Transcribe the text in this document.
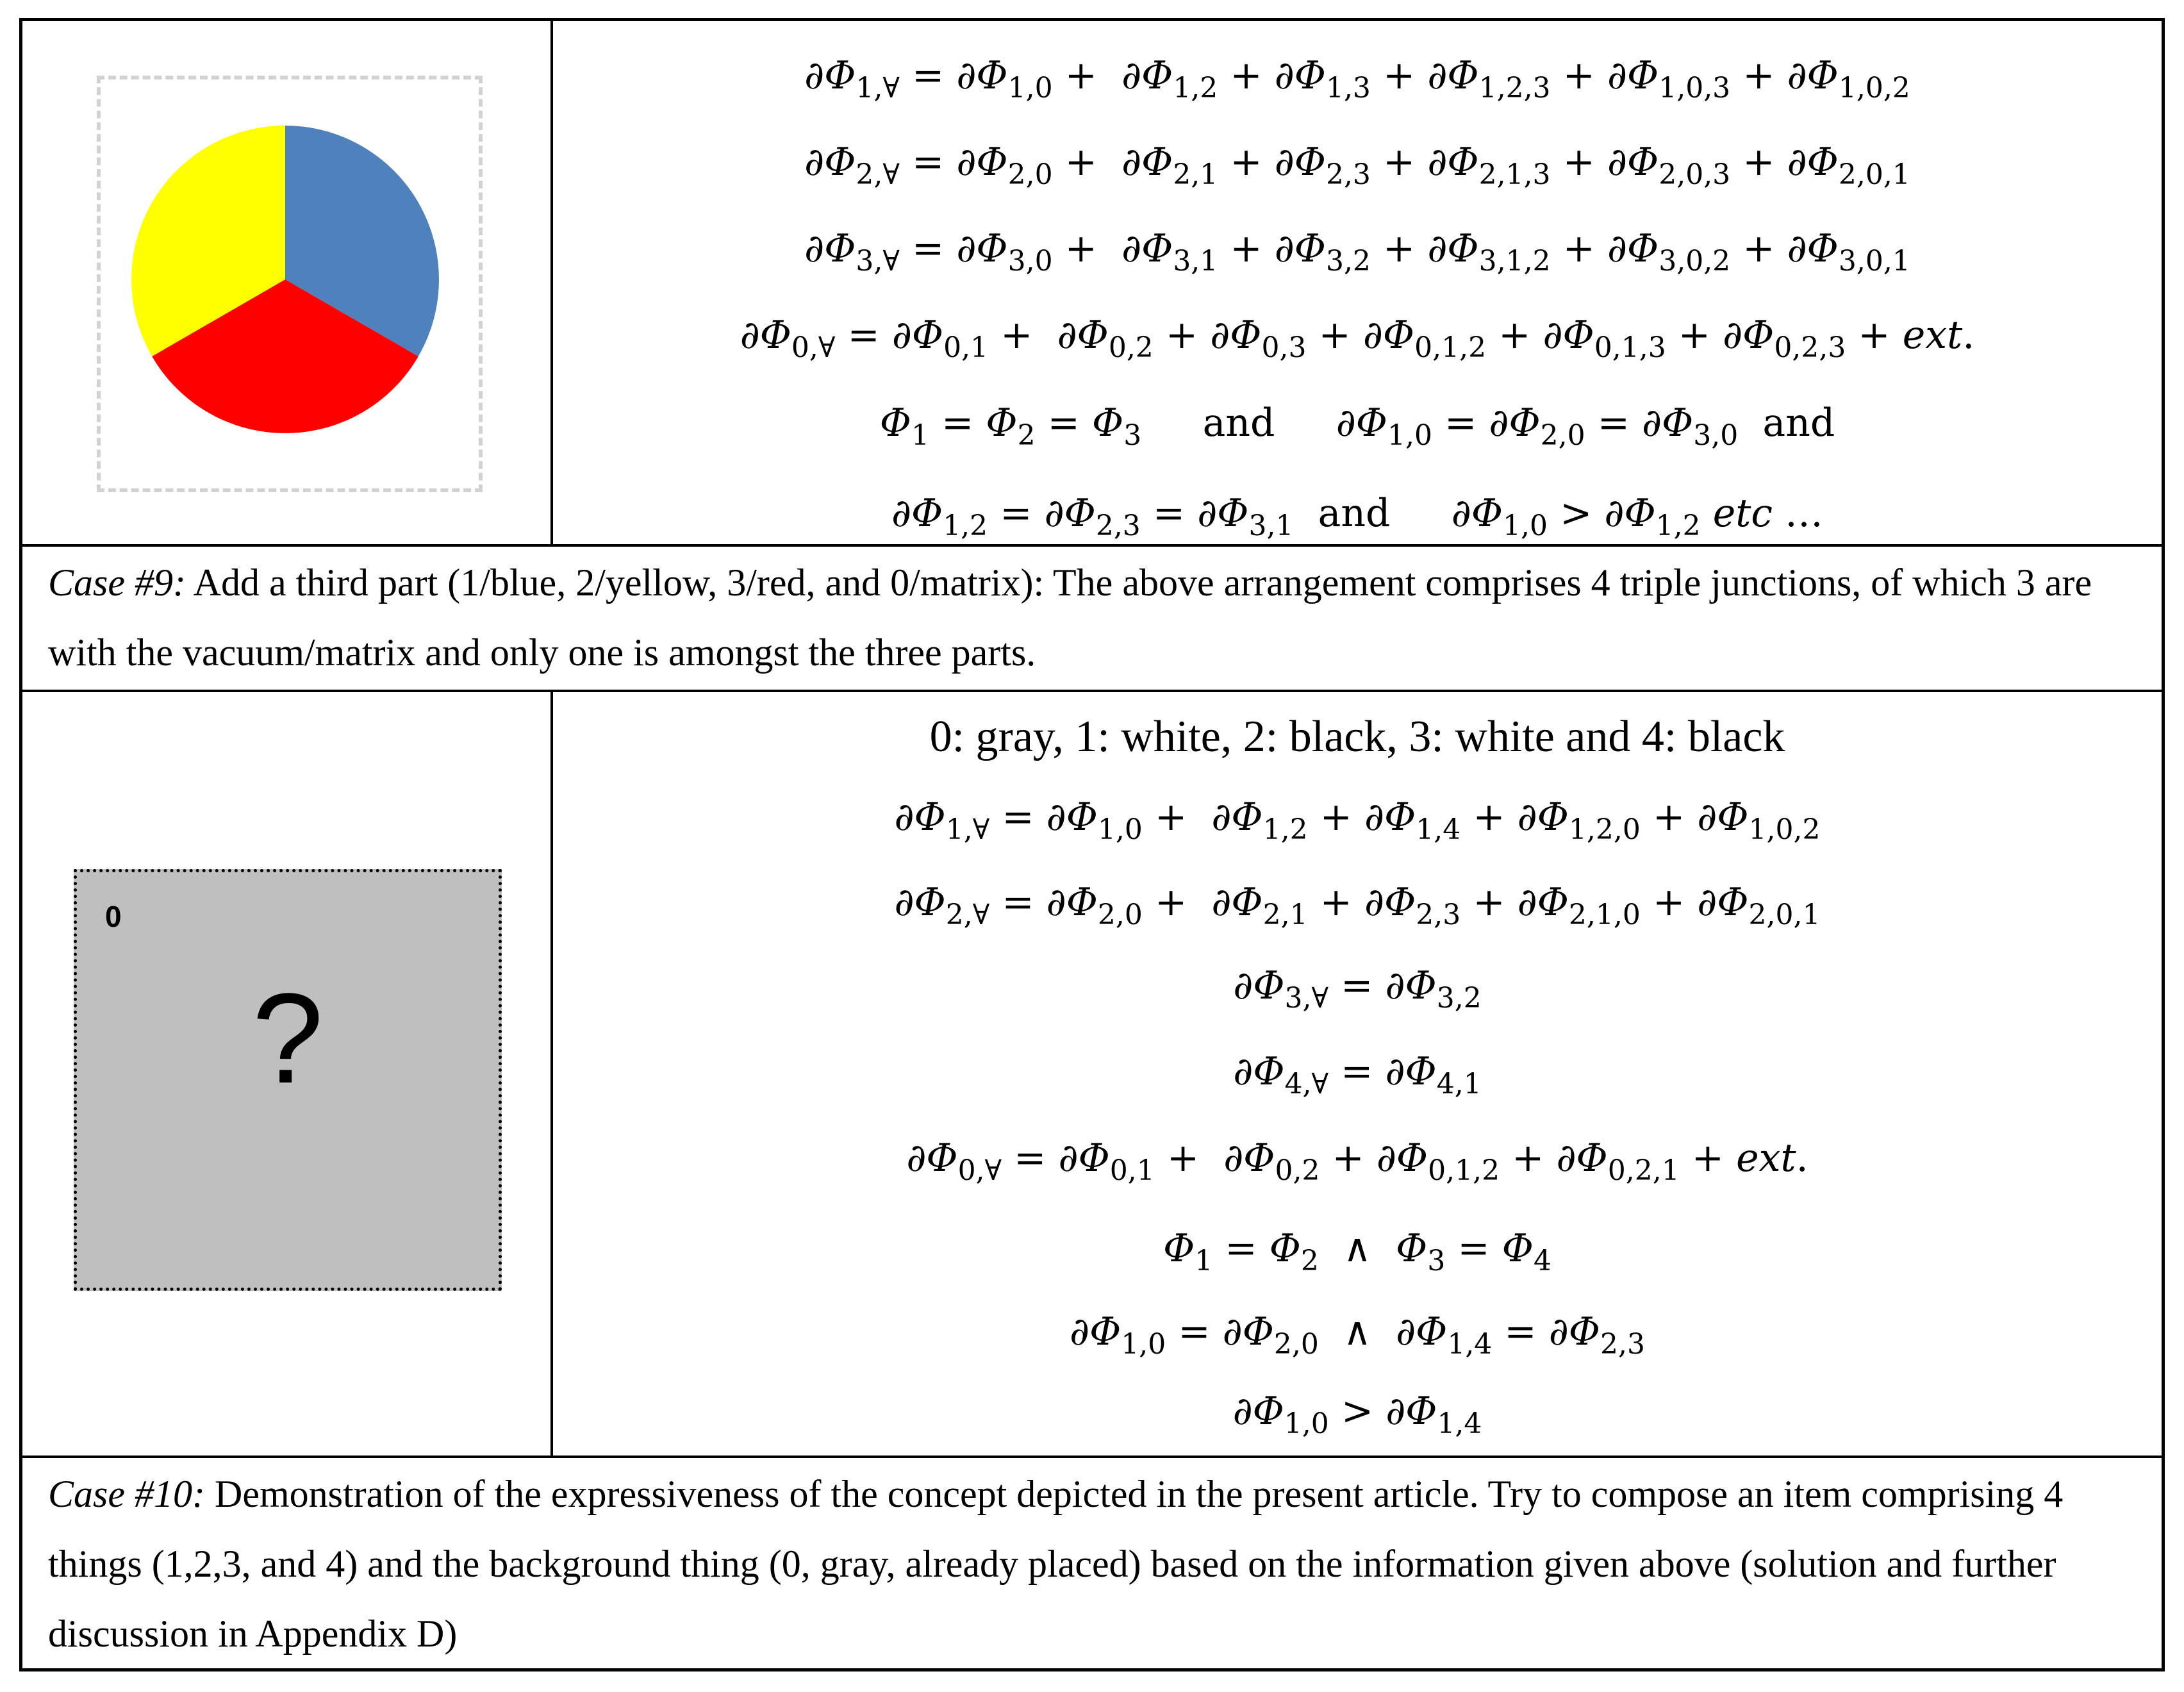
$\partial\Phi_{1,\forall} = \partial\Phi_{1,0} + \partial\Phi_{1,2} + \partial\Phi_{1,3} + \partial\Phi_{1,2,3} + \partial\Phi_{1,0,3} + \partial\Phi_{1,0,2}$
$\partial\Phi_{2,\forall} = \partial\Phi_{2,0} + \partial\Phi_{2,1} + \partial\Phi_{2,3} + \partial\Phi_{2,1,3} + \partial\Phi_{2,0,3} + \partial\Phi_{2,0,1}$
$\partial\Phi_{3,\forall} = \partial\Phi_{3,0} + \partial\Phi_{3,1} + \partial\Phi_{3,2} + \partial\Phi_{3,1,2} + \partial\Phi_{3,0,2} + \partial\Phi_{3,0,1}$
$\partial\Phi_{0,\forall} = \partial\Phi_{0,1} + \partial\Phi_{0,2} + \partial\Phi_{0,3} + \partial\Phi_{0,1,2} + \partial\Phi_{0,1,3} + \partial\Phi_{0,2,3}$ + ext.
$\Phi_1 = \Phi_2 = \Phi_3$ and     $\partial\Phi_{1,0} = \partial\Phi_{2,0} = \partial\Phi_{3,0}$ and
$\partial\Phi_{1,2} = \partial\Phi_{2,3} = \partial\Phi_{3,1}$ and     $\partial\Phi_{1,0} > \partial\Phi_{1,2}$ etc …
Case #9: Add a third part (1/blue, 2/yellow, 3/red, and 0/matrix): The above arrangement comprises 4 triple junctions, of which 3 are with the vacuum/matrix and only one is amongst the three parts.
0
?
0: gray, 1: white, 2: black, 3: white and 4: black
$\partial\Phi_{1,\forall} = \partial\Phi_{1,0} + \partial\Phi_{1,2} + \partial\Phi_{1,4} + \partial\Phi_{1,2,0} + \partial\Phi_{1,0,2}$
$\partial\Phi_{2,\forall} = \partial\Phi_{2,0} + \partial\Phi_{2,1} + \partial\Phi_{2,3} + \partial\Phi_{2,1,0} + \partial\Phi_{2,0,1}$
$\partial\Phi_{3,\forall} = \partial\Phi_{3,2}$
$\partial\Phi_{4,\forall} = \partial\Phi_{4,1}$
$\partial\Phi_{0,\forall} = \partial\Phi_{0,1} + \partial\Phi_{0,2} + \partial\Phi_{0,1,2} + \partial\Phi_{0,2,1}$ + ext.
$\Phi_1 = \Phi_2$  ∧  $\Phi_3 = \Phi_4$
$\partial\Phi_{1,0} = \partial\Phi_{2,0}$  ∧  $\partial\Phi_{1,4} = \partial\Phi_{2,3}$
$\partial\Phi_{1,0} > \partial\Phi_{1,4}$
Case #10: Demonstration of the expressiveness of the concept depicted in the present article. Try to compose an item comprising 4 things (1,2,3, and 4) and the background thing (0, gray, already placed) based on the information given above (solution and further discussion in Appendix D)
